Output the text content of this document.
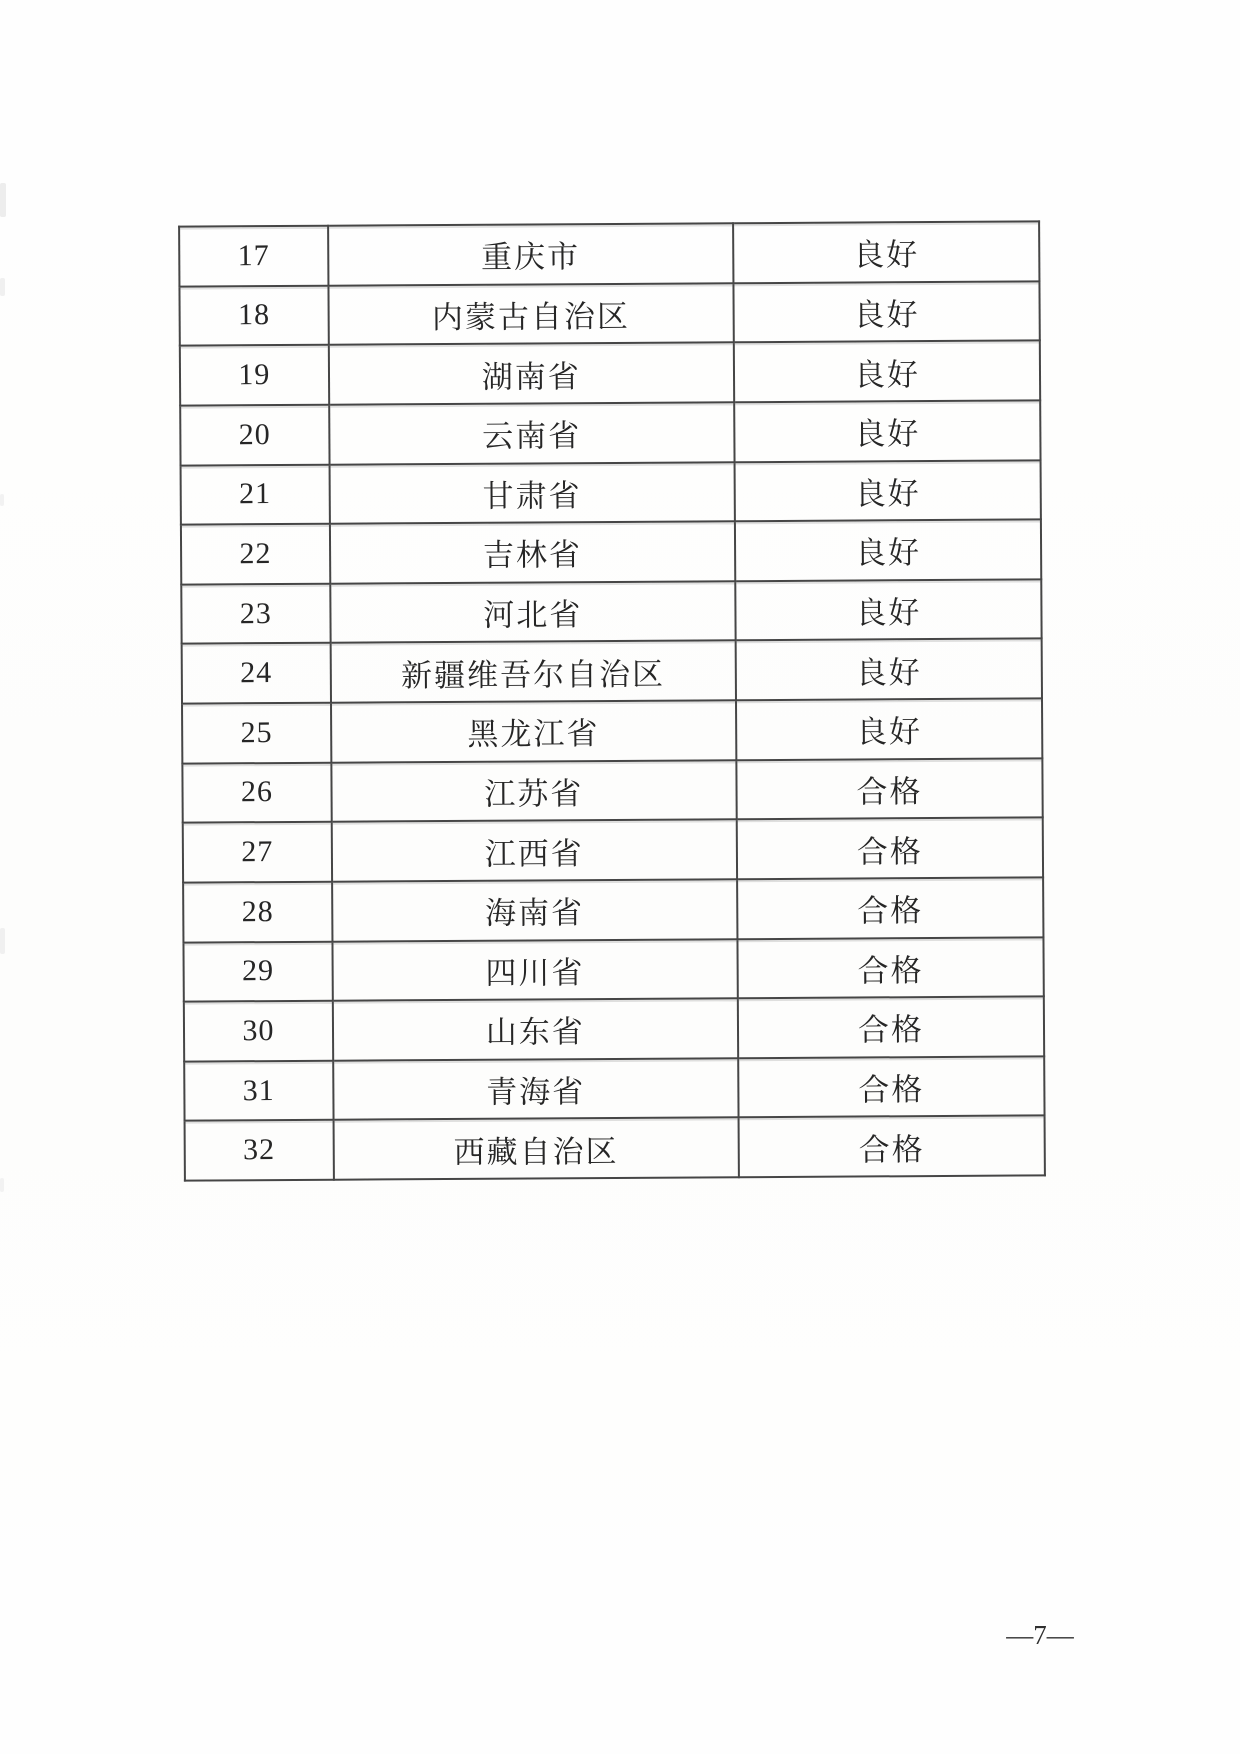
17	重庆市	良好
18	内蒙古自治区	良好
19	湖南省	良好
20	云南省	良好
21	甘肃省	良好
22	吉林省	良好
23	河北省	良好
24	新疆维吾尔自治区	良好
25	黑龙江省	良好
26	江苏省	合格
27	江西省	合格
28	海南省	合格
29	四川省	合格
30	山东省	合格
31	青海省	合格
32	西藏自治区	合格
—7—
